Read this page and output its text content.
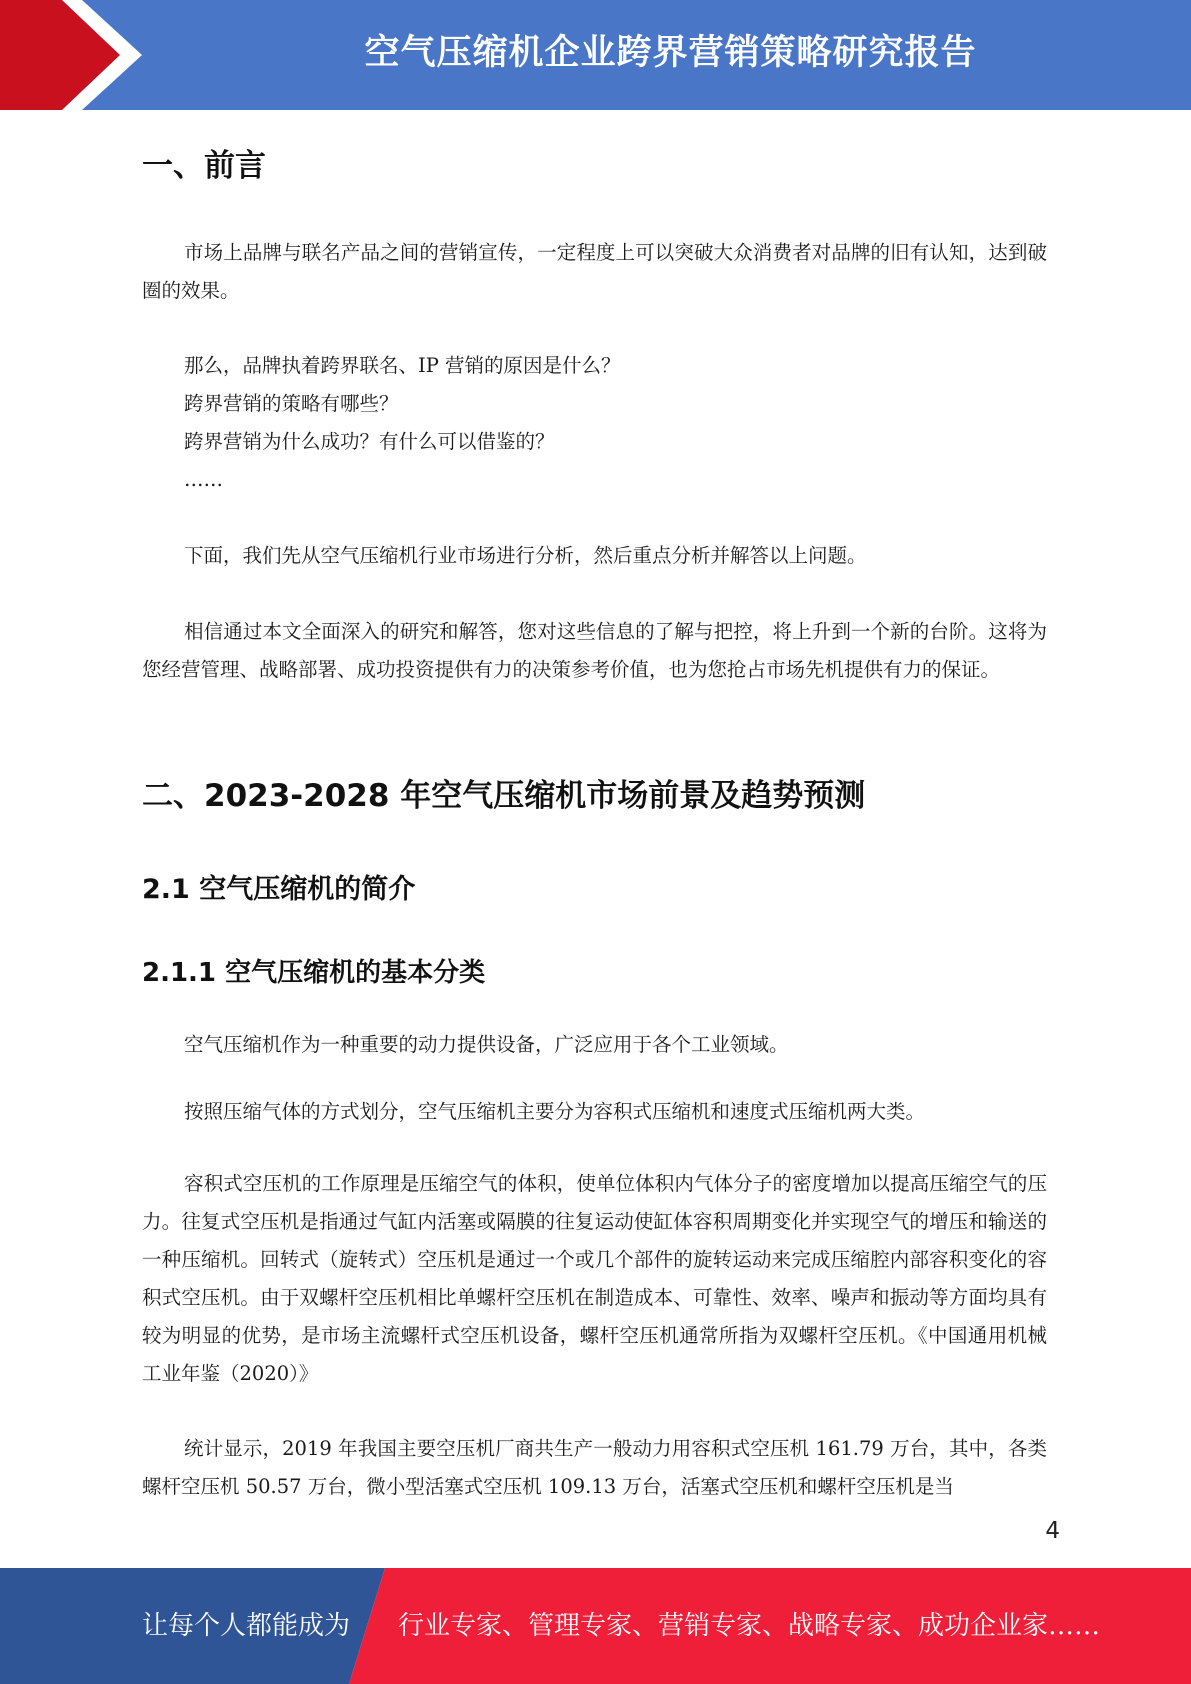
空气压缩机企业跨界营销策略研究报告
一、前言

市场上品牌与联名产品之间的营销宣传，一定程度上可以突破大众消费者对品牌的旧有认知，达到破圈的效果。

那么，品牌执着跨界联名、IP 营销的原因是什么？
跨界营销的策略有哪些？
跨界营销为什么成功？有什么可以借鉴的？
……

下面，我们先从空气压缩机行业市场进行分析，然后重点分析并解答以上问题。

相信通过本文全面深入的研究和解答，您对这些信息的了解与把控，将上升到一个新的台阶。这将为您经营管理、战略部署、成功投资提供有力的决策参考价值，也为您抢占市场先机提供有力的保证。

二、2023-2028 年空气压缩机市场前景及趋势预测
2.1 空气压缩机的简介
2.1.1 空气压缩机的基本分类

空气压缩机作为一种重要的动力提供设备，广泛应用于各个工业领域。

按照压缩气体的方式划分，空气压缩机主要分为容积式压缩机和速度式压缩机两大类。

容积式空压机的工作原理是压缩空气的体积，使单位体积内气体分子的密度增加以提高压缩空气的压力。往复式空压机是指通过气缸内活塞或隔膜的往复运动使缸体容积周期变化并实现空气的增压和输送的一种压缩机。回转式（旋转式）空压机是通过一个或几个部件的旋转运动来完成压缩腔内部容积变化的容积式空压机。由于双螺杆空压机相比单螺杆空压机在制造成本、可靠性、效率、噪声和振动等方面均具有较为明显的优势，是市场主流螺杆式空压机设备，螺杆空压机通常所指为双螺杆空压机。《中国通用机械工业年鉴（2020）》

统计显示，2019 年我国主要空压机厂商共生产一般动力用容积式空压机 161.79 万台，其中，各类螺杆空压机 50.57 万台，微小型活塞式空压机 109.13 万台，活塞式空压机和螺杆空压机是当

4
让每个人都能成为 行业专家、管理专家、营销专家、战略专家、成功企业家……
